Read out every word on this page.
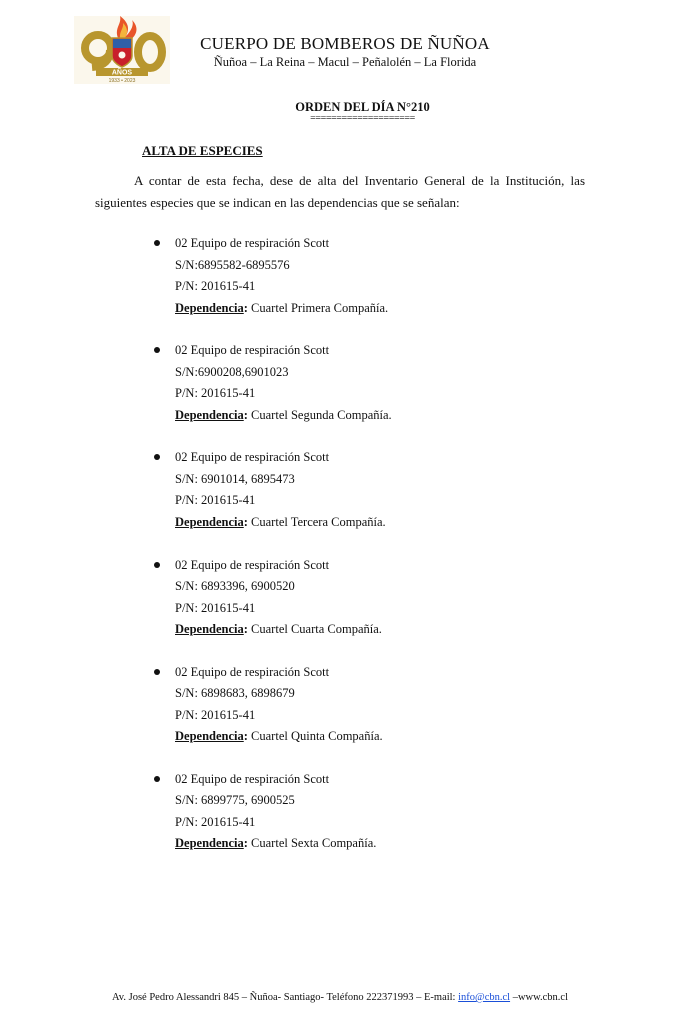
AÑOS
1933 • 2023
CUERPO DE BOMBEROS DE ÑUÑOA
Ñuñoa – La Reina – Macul – Peñalolén – La Florida
ORDEN DEL DÍA N°210
====================
ALTA DE ESPECIES

A contar de esta fecha, dese de alta del Inventario General de la Institución, las siguientes especies que se indican en las dependencias que se señalan:

02 Equipo de respiración Scott
S/N:6895582-6895576
P/N: 201615-41
Dependencia: Cuartel Primera Compañía.
02 Equipo de respiración Scott
S/N:6900208,6901023
P/N: 201615-41
Dependencia: Cuartel Segunda Compañía.
02 Equipo de respiración Scott
S/N: 6901014, 6895473
P/N: 201615-41
Dependencia: Cuartel Tercera Compañía.
02 Equipo de respiración Scott
S/N: 6893396, 6900520
P/N: 201615-41
Dependencia: Cuartel Cuarta Compañía.
02 Equipo de respiración Scott
S/N: 6898683, 6898679
P/N: 201615-41
Dependencia: Cuartel Quinta Compañía.
02 Equipo de respiración Scott
S/N: 6899775, 6900525
P/N: 201615-41
Dependencia: Cuartel Sexta Compañía.
Av. José Pedro Alessandri 845 – Ñuñoa- Santiago- Teléfono 222371993 – E-mail: info@cbn.cl –www.cbn.cl
